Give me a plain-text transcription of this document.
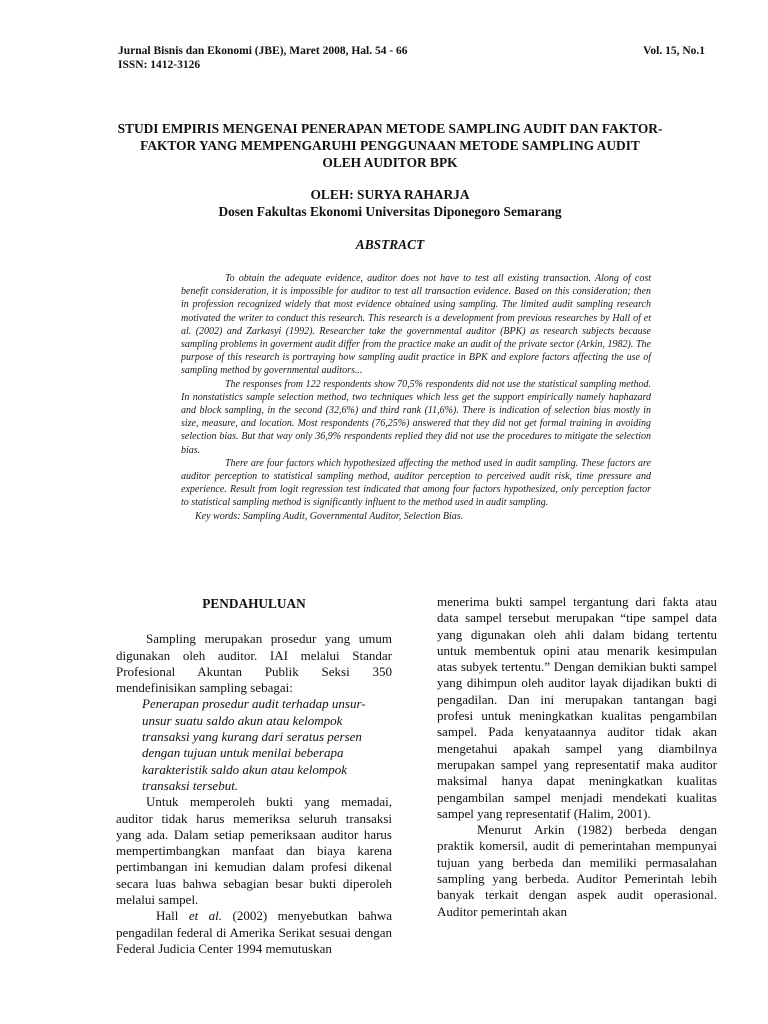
Jurnal Bisnis dan Ekonomi (JBE), Maret 2008, Hal. 54 - 66
ISSN: 1412-3126
Vol. 15, No.1
STUDI EMPIRIS MENGENAI PENERAPAN METODE SAMPLING AUDIT DAN FAKTOR-
FAKTOR YANG MEMPENGARUHI PENGGUNAAN METODE SAMPLING AUDIT
OLEH AUDITOR BPK
OLEH: SURYA RAHARJA
Dosen Fakultas Ekonomi Universitas Diponegoro Semarang
ABSTRACT

To obtain the adequate evidence, auditor does not have to test all existing transaction. Along of cost benefit consideration, it is impossible for auditor to test all transaction evidence. Based on this consideration; then in profession recognized widely that most evidence obtained using sampling. The limited audit sampling research motivated the writer to conduct this research. This research is a development from previous researches by Hall of et al. (2002) and Zarkasyi (1992). Researcher take the governmental auditor (BPK) as research subjects because sampling problems in goverment audit differ from the practice make an audit of the private sector (Arkin, 1982). The purpose of this research is portraying how sampling audit practice in BPK and explore factors affecting the use of sampling method by governmental auditors...

The responses from 122 respondents show 70,5% respondents did not use the statistical sampling method. In nonstatistics sample selection method, two techniques which less get the support empirically namely haphazard and block sampling, in the second (32,6%) and third rank (11,6%). There is indication of selection bias mostly in size, measure, and location. Most respondents (76,25%) answered that they did not get formal training in avoiding selection bias. But that way only 36,9% respondents replied they did not use the procedures to mitigate the selection bias.

There are four factors which hypothesized affecting the method used in audit sampling. These factors are auditor perception to statistical sampling method, auditor perception to perceived audit risk, time pressure and experience. Result from logit regression test indicated that among four factors hypothesized, only perception factor to statistical sampling method is significantly influent to the method used in audit sampling.

Key words: Sampling Audit, Governmental Auditor, Selection Bias.

PENDAHULUAN

Sampling merupakan prosedur yang umum digunakan oleh auditor. IAI melalui Standar Profesional Akuntan Publik Seksi 350 mendefinisikan sampling sebagai:

Penerapan prosedur audit terhadap unsur-unsur suatu saldo akun atau kelompok transaksi yang kurang dari seratus persen dengan tujuan untuk menilai beberapa karakteristik saldo akun atau kelompok transaksi tersebut.

Untuk memperoleh bukti yang memadai, auditor tidak harus memeriksa seluruh transaksi yang ada. Dalam setiap pemeriksaan auditor harus mempertimbangkan manfaat dan biaya karena pertimbangan ini kemudian dalam profesi dikenal secara luas bahwa sebagian besar bukti diperoleh melalui sampel.

Hall et al. (2002) menyebutkan bahwa pengadilan federal di Amerika Serikat sesuai dengan Federal Judicia Center 1994 memutuskan

menerima bukti sampel tergantung dari fakta atau data sampel tersebut merupakan “tipe sampel data yang digunakan oleh ahli dalam bidang tertentu untuk membentuk opini atau menarik kesimpulan atas subyek tertentu.” Dengan demikian bukti sampel yang dihimpun oleh auditor layak dijadikan bukti di pengadilan. Dan ini merupakan tantangan bagi profesi untuk meningkatkan kualitas pengambilan sampel. Pada kenyataannya auditor tidak akan mengetahui apakah sampel yang diambilnya merupakan sampel yang representatif maka auditor maksimal hanya dapat meningkatkan kualitas pengambilan sampel menjadi mendekati kualitas sampel yang representatif (Halim, 2001).

Menurut Arkin (1982) berbeda dengan praktik komersil, audit di pemerintahan mempunyai tujuan yang berbeda dan memiliki permasalahan sampling yang berbeda. Auditor Pemerintah lebih banyak terkait dengan aspek audit operasional. Auditor pemerintah akan
